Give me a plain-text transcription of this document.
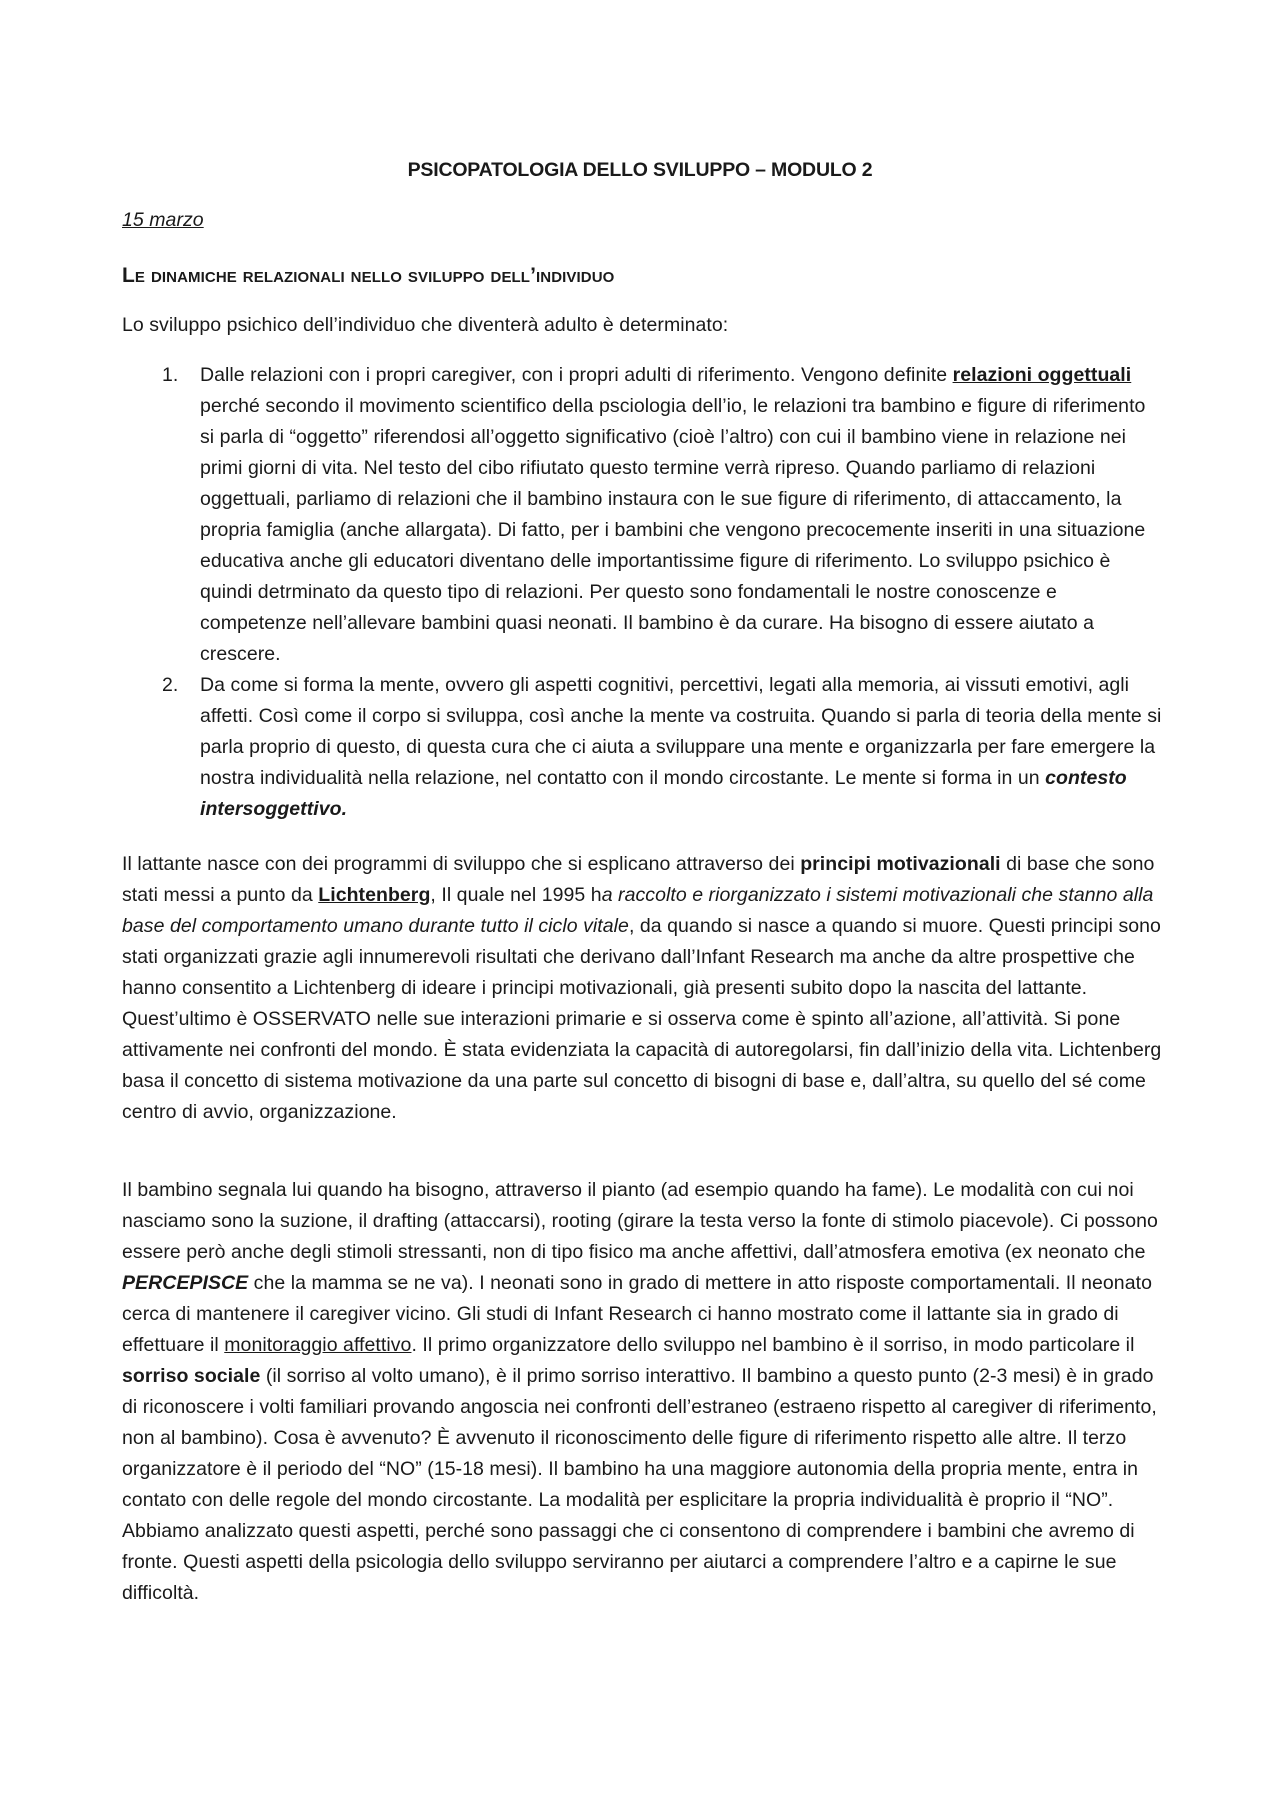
PSICOPATOLOGIA DELLO SVILUPPO – MODULO 2
15 marzo
Le dinamiche relazionali nello sviluppo dell’individuo
Lo sviluppo psichico dell’individuo che diventerà adulto è determinato:
1. Dalle relazioni con i propri caregiver, con i propri adulti di riferimento. Vengono definite relazioni oggettuali perché secondo il movimento scientifico della psciologia dell’io, le relazioni tra bambino e figure di riferimento si parla di “oggetto” riferendosi all’oggetto significativo (cioè l’altro) con cui il bambino viene in relazione nei primi giorni di vita. Nel testo del cibo rifiutato questo termine verrà ripreso. Quando parliamo di relazioni oggettuali, parliamo di relazioni che il bambino instaura con le sue figure di riferimento, di attaccamento, la propria famiglia (anche allargata). Di fatto, per i bambini che vengono precocemente inseriti in una situazione educativa anche gli educatori diventano delle importantissime figure di riferimento. Lo sviluppo psichico è quindi detrminato da questo tipo di relazioni. Per questo sono fondamentali le nostre conoscenze e competenze nell’allevare bambini quasi neonati. Il bambino è da curare. Ha bisogno di essere aiutato a crescere.
2. Da come si forma la mente, ovvero gli aspetti cognitivi, percettivi, legati alla memoria, ai vissuti emotivi, agli affetti. Così come il corpo si sviluppa, così anche la mente va costruita. Quando si parla di teoria della mente si parla proprio di questo, di questa cura che ci aiuta a sviluppare una mente e organizzarla per fare emergere la nostra individualità nella relazione, nel contatto con il mondo circostante. Le mente si forma in un contesto intersoggettivo.

Il lattante nasce con dei programmi di sviluppo che si esplicano attraverso dei principi motivazionali di base che sono stati messi a punto da Lichtenberg, Il quale nel 1995 ha raccolto e riorganizzato i sistemi motivazionali che stanno alla base del comportamento umano durante tutto il ciclo vitale, da quando si nasce a quando si muore. Questi principi sono stati organizzati grazie agli innumerevoli risultati che derivano dall’Infant Research ma anche da altre prospettive che hanno consentito a Lichtenberg di ideare i principi motivazionali, già presenti subito dopo la nascita del lattante. Quest’ultimo è OSSERVATO nelle sue interazioni primarie e si osserva come è spinto all’azione, all’attività. Si pone attivamente nei confronti del mondo. È stata evidenziata la capacità di autoregolarsi, fin dall’inizio della vita. Lichtenberg basa il concetto di sistema motivazione da una parte sul concetto di bisogni di base e, dall’altra, su quello del sé come centro di avvio, organizzazione.

Il bambino segnala lui quando ha bisogno, attraverso il pianto (ad esempio quando ha fame). Le modalità con cui noi nasciamo sono la suzione, il drafting (attaccarsi), rooting (girare la testa verso la fonte di stimolo piacevole). Ci possono essere però anche degli stimoli stressanti, non di tipo fisico ma anche affettivi, dall’atmosfera emotiva (ex neonato che PERCEPISCE che la mamma se ne va). I neonati sono in grado di mettere in atto risposte comportamentali. Il neonato cerca di mantenere il caregiver vicino. Gli studi di Infant Research ci hanno mostrato come il lattante sia in grado di effettuare il monitoraggio affettivo. Il primo organizzatore dello sviluppo nel bambino è il sorriso, in modo particolare il sorriso sociale (il sorriso al volto umano), è il primo sorriso interattivo. Il bambino a questo punto (2-3 mesi) è in grado di riconoscere i volti familiari provando angoscia nei confronti dell’estraneo (estraeno rispetto al caregiver di riferimento, non al bambino). Cosa è avvenuto? È avvenuto il riconoscimento delle figure di riferimento rispetto alle altre. Il terzo organizzatore è il periodo del “NO” (15-18 mesi). Il bambino ha una maggiore autonomia della propria mente, entra in contato con delle regole del mondo circostante. La modalità per esplicitare la propria individualità è proprio il “NO”. Abbiamo analizzato questi aspetti, perché sono passaggi che ci consentono di comprendere i bambini che avremo di fronte. Questi aspetti della psicologia dello sviluppo serviranno per aiutarci a comprendere l’altro e a capirne le sue difficoltà.
